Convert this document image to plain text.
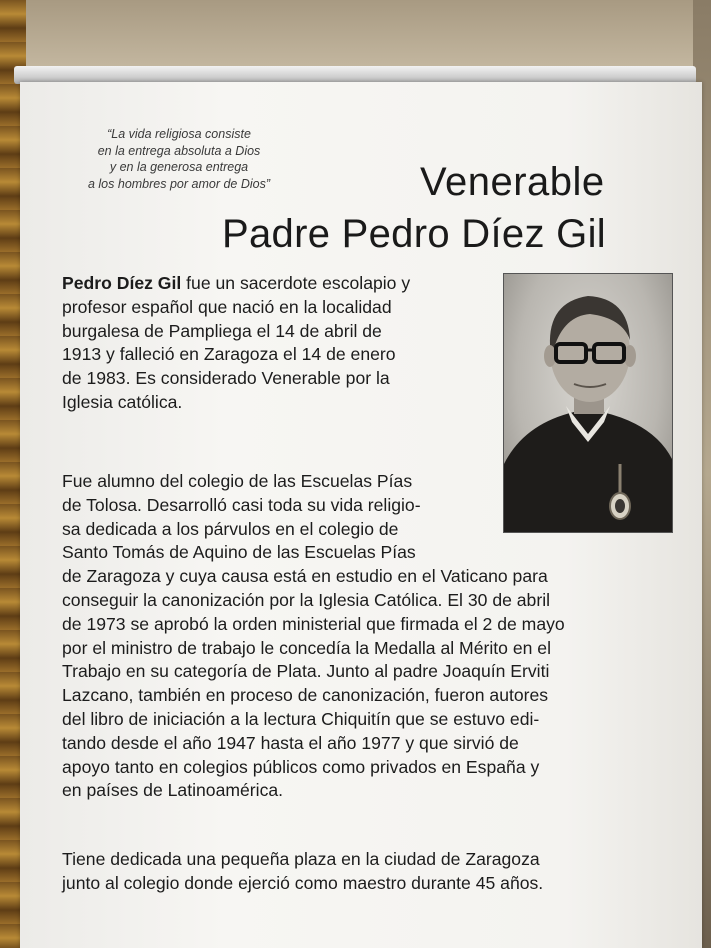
“La vida religiosa consiste
en la entrega absoluta a Dios
y en la generosa entrega
a los hombres por amor de Dios”	Venerable
Padre Pedro Díez Gil
Pedro Díez Gil fue un sacerdote escolapio y
profesor español que nació en la localidad
burgalesa de Pampliega el 14 de abril de
1913 y falleció en Zaragoza el 14 de enero
de 1983. Es considerado Venerable por la
Iglesia católica.
Fue alumno del colegio de las Escuelas Pías
de Tolosa. Desarrolló casi toda su vida religio-
sa dedicada a los párvulos en el colegio de
Santo Tomás de Aquino de las Escuelas Pías
de Zaragoza y cuya causa está en estudio en el Vaticano para
conseguir la canonización por la Iglesia Católica. El 30 de abril
de 1973 se aprobó la orden ministerial que firmada el 2 de mayo
por el ministro de trabajo le concedía la Medalla al Mérito en el
Trabajo en su categoría de Plata. Junto al padre Joaquín Erviti
Lazcano, también en proceso de canonización, fueron autores
del libro de iniciación a la lectura Chiquitín que se estuvo edi-
tando desde el año 1947 hasta el año 1977 y que sirvió de
apoyo tanto en colegios públicos como privados en España y
en países de Latinoamérica.
Tiene dedicada una pequeña plaza en la ciudad de Zaragoza
junto al colegio donde ejerció como maestro durante 45 años.
